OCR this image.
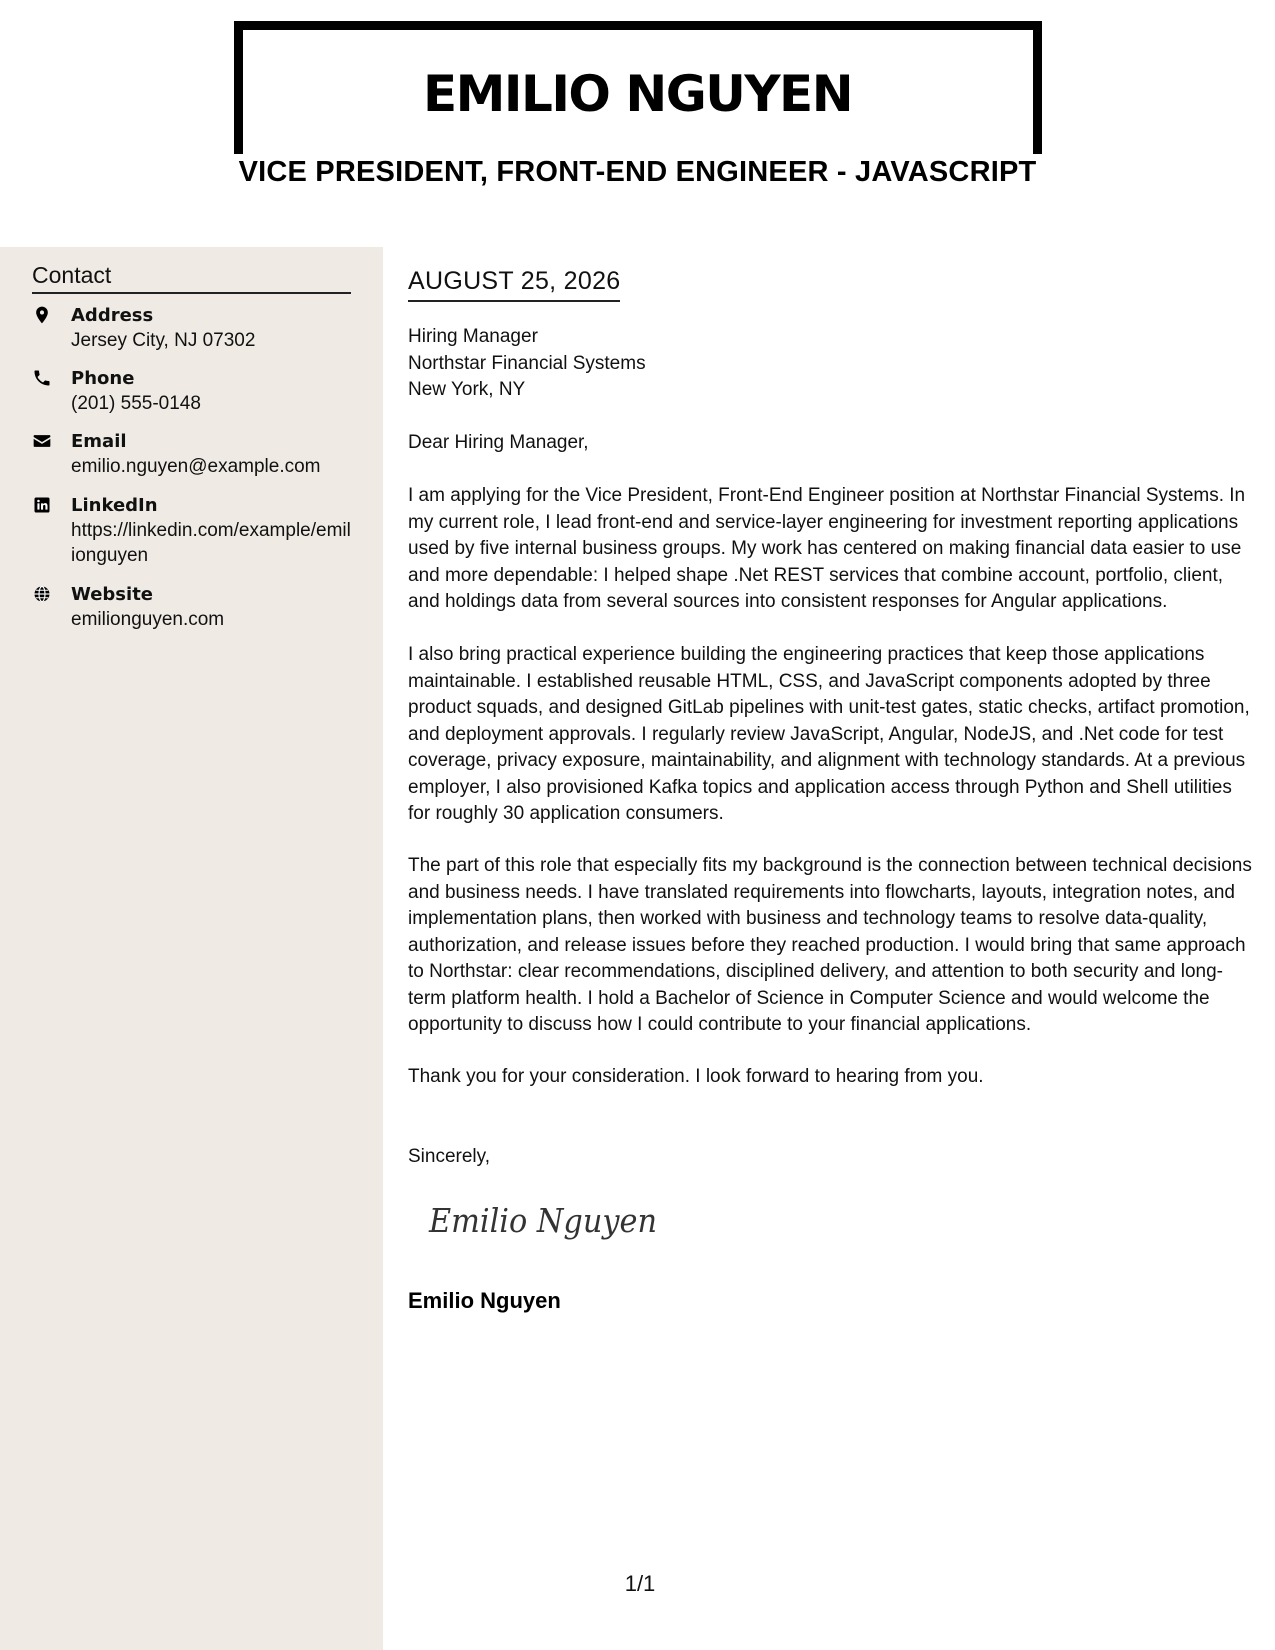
EMILIO NGUYEN
VICE PRESIDENT, FRONT-END ENGINEER - JAVASCRIPT
Contact
Address
Jersey City, NJ 07302
Phone
(201) 555-0148
Email
emilio.nguyen@example.com
LinkedIn
https://linkedin.com/example/emilionguyen
Website
emilionguyen.com
AUGUST 25, 2026
Hiring Manager
Northstar Financial Systems
New York, NY
Dear Hiring Manager,
I am applying for the Vice President, Front-End Engineer position at Northstar Financial Systems. In my current role, I lead front-end and service-layer engineering for investment reporting applications used by five internal business groups. My work has centered on making financial data easier to use and more dependable: I helped shape .Net REST services that combine account, portfolio, client, and holdings data from several sources into consistent responses for Angular applications.
I also bring practical experience building the engineering practices that keep those applications maintainable. I established reusable HTML, CSS, and JavaScript components adopted by three product squads, and designed GitLab pipelines with unit-test gates, static checks, artifact promotion, and deployment approvals. I regularly review JavaScript, Angular, NodeJS, and .Net code for test coverage, privacy exposure, maintainability, and alignment with technology standards. At a previous employer, I also provisioned Kafka topics and application access through Python and Shell utilities for roughly 30 application consumers.
The part of this role that especially fits my background is the connection between technical decisions and business needs. I have translated requirements into flowcharts, layouts, integration notes, and implementation plans, then worked with business and technology teams to resolve data-quality, authorization, and release issues before they reached production. I would bring that same approach to Northstar: clear recommendations, disciplined delivery, and attention to both security and long-term platform health. I hold a Bachelor of Science in Computer Science and would welcome the opportunity to discuss how I could contribute to your financial applications.
Thank you for your consideration. I look forward to hearing from you.
Sincerely,
Emilio Nguyen
Emilio Nguyen
1/1
